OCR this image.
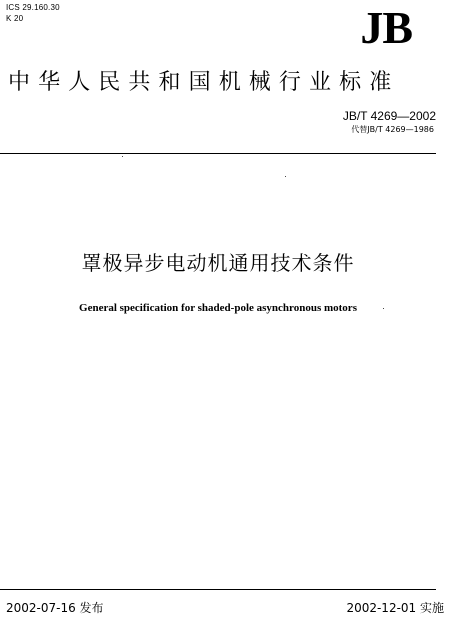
ICS 29.160.30
K 20	JB
中华人民共和国机械行业标准
JB/T 4269—2002
代替JB/T 4269—1986
罩极异步电动机通用技术条件
General specification for shaded-pole asynchronous motors
2002-07-16 发布	2002-12-01 实施
